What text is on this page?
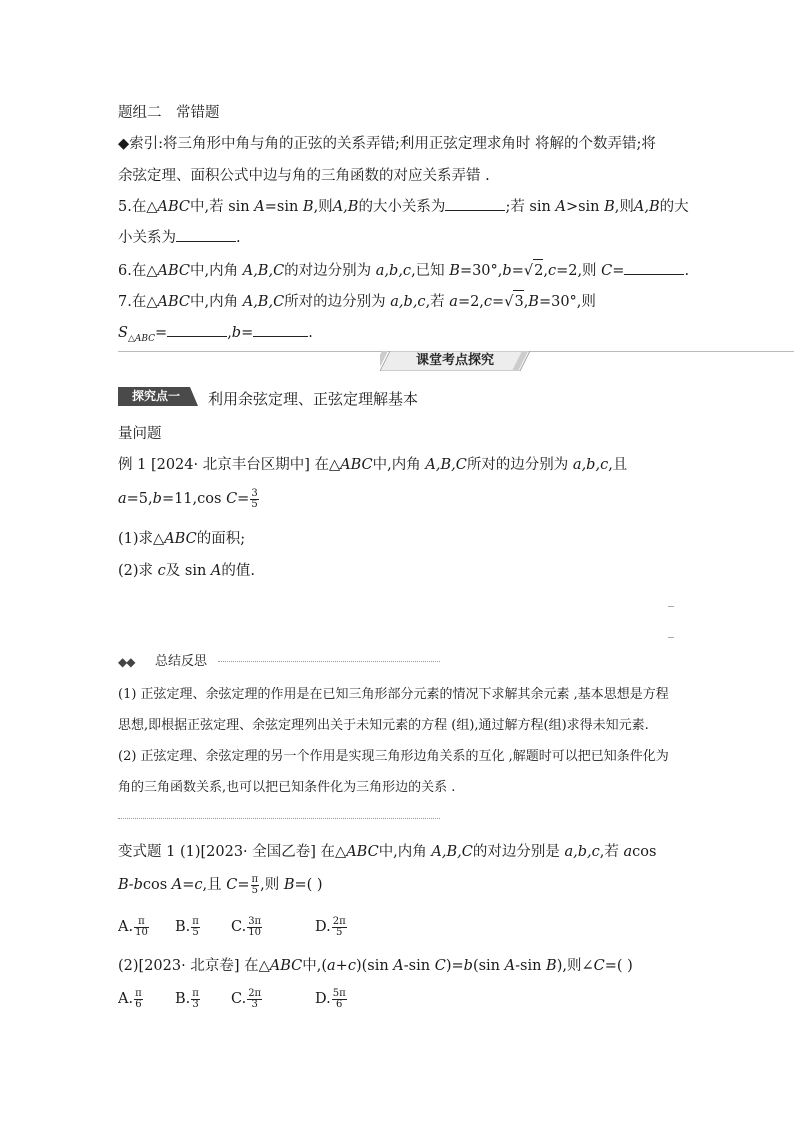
题组二　常错题
◆索引:将三角形中角与角的正弦的关系弄错;利用正弦定理求角时 将解的个数弄错;将
余弦定理、面积公式中边与角的三角函数的对应关系弄错 .
5.在△ABC中,若 sin A=sin B,则A,B的大小关系为	;若 sin A>sin B,则A,B的大
小关系为	.
6.在△ABC中,内角 A,B,C的对边分别为 a,b,c,已知 B=30°,b=√2,c=2,则 C=	.
7.在△ABC中,内角 A,B,C所对的边分别为 a,b,c,若 a=2,c=√3,B=30°,则
$S_{\triangle ABC}=$	,b=	.
课堂考点探究
探究点一	利用余弦定理、正弦定理解基本
量问题
例 1 [2024· 北京丰台区期中] 在△ABC中,内角 A,B,C所对的边分别为 a,b,c,且
a=5,b=11,cos $C= \frac{3}{5}$
(1)求△ABC的面积;
(2)求 c及 sin A的值.
◆◆ 总结反思
(1) 正弦定理、余弦定理的作用是在已知三角形部分元素的情况下求解其余元素 ,基本思想是方程
思想,即根据正弦定理、余弦定理列出关于未知元素的方程 (组),通过解方程(组)求得未知元素.
(2) 正弦定理、余弦定理的另一个作用是实现三角形边角关系的互化 ,解题时可以把已知条件化为
角的三角函数关系,也可以把已知条件化为三角形边的关系 .
变式题 1 (1)[2023· 全国乙卷] 在△ABC中,内角 A,B,C的对边分别是 a,b,c,若 acos
B-bcos A=c,且 $C= \frac{\pi}{5}$ ,则 B=( )
A. $\frac{\pi}{10} B$. $\frac{\pi}{5} C$. $\frac{3\pi}{10}$	D. $\frac{2\pi}{5}$
(2)[2023· 北京卷] 在△ABC中,(a+c)(sin A-sin C)=b(sin A-sin B),则∠C=( )
A. $\frac{\pi}{6} B$. $\frac{\pi}{3} C$. $\frac{2\pi}{3}$	D. $\frac{5\pi}{6}$
